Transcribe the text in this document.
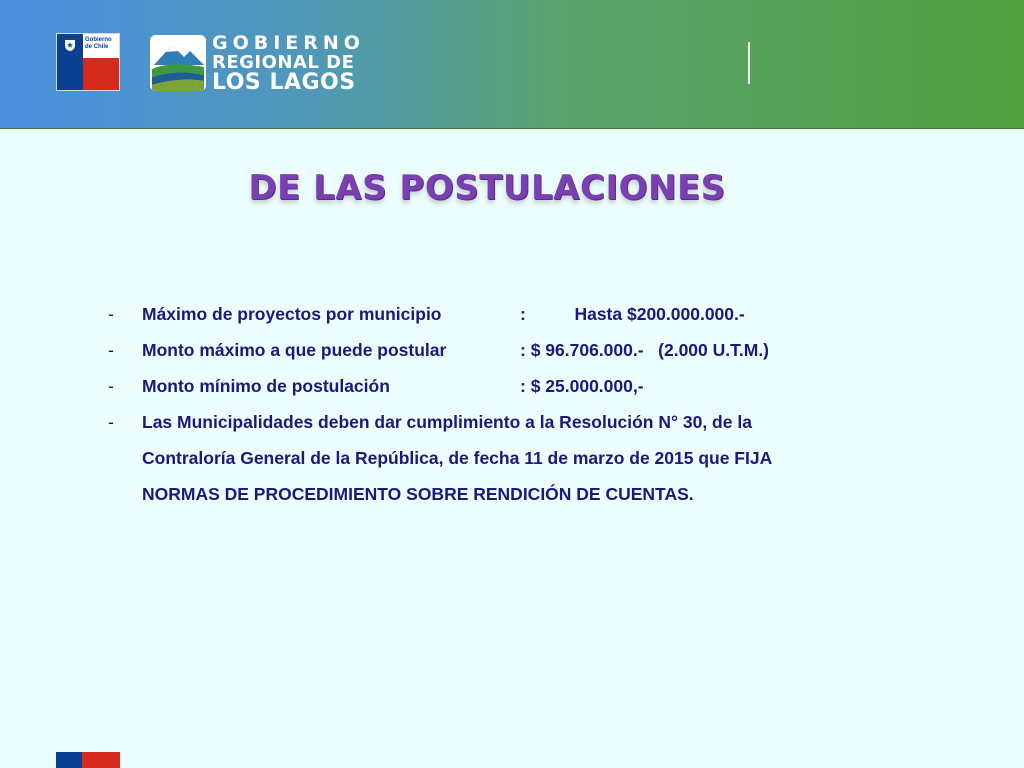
Gobierno de Chile	GOBIERNO
REGIONAL DE
LOS LAGOS
DE LAS POSTULACIONES
- Máximo de proyectos por municipio	:          Hasta $200.000.000.-
- Monto máximo a que puede postular	: $ 96.706.000.-   (2.000 U.T.M.)
- Monto mínimo de postulación	: $ 25.000.000,-
- Las Municipalidades deben dar cumplimiento a la Resolución N° 30, de la
Contraloría General de la República, de fecha 11 de marzo de 2015 que FIJA
NORMAS DE PROCEDIMIENTO SOBRE RENDICIÓN DE CUENTAS.
